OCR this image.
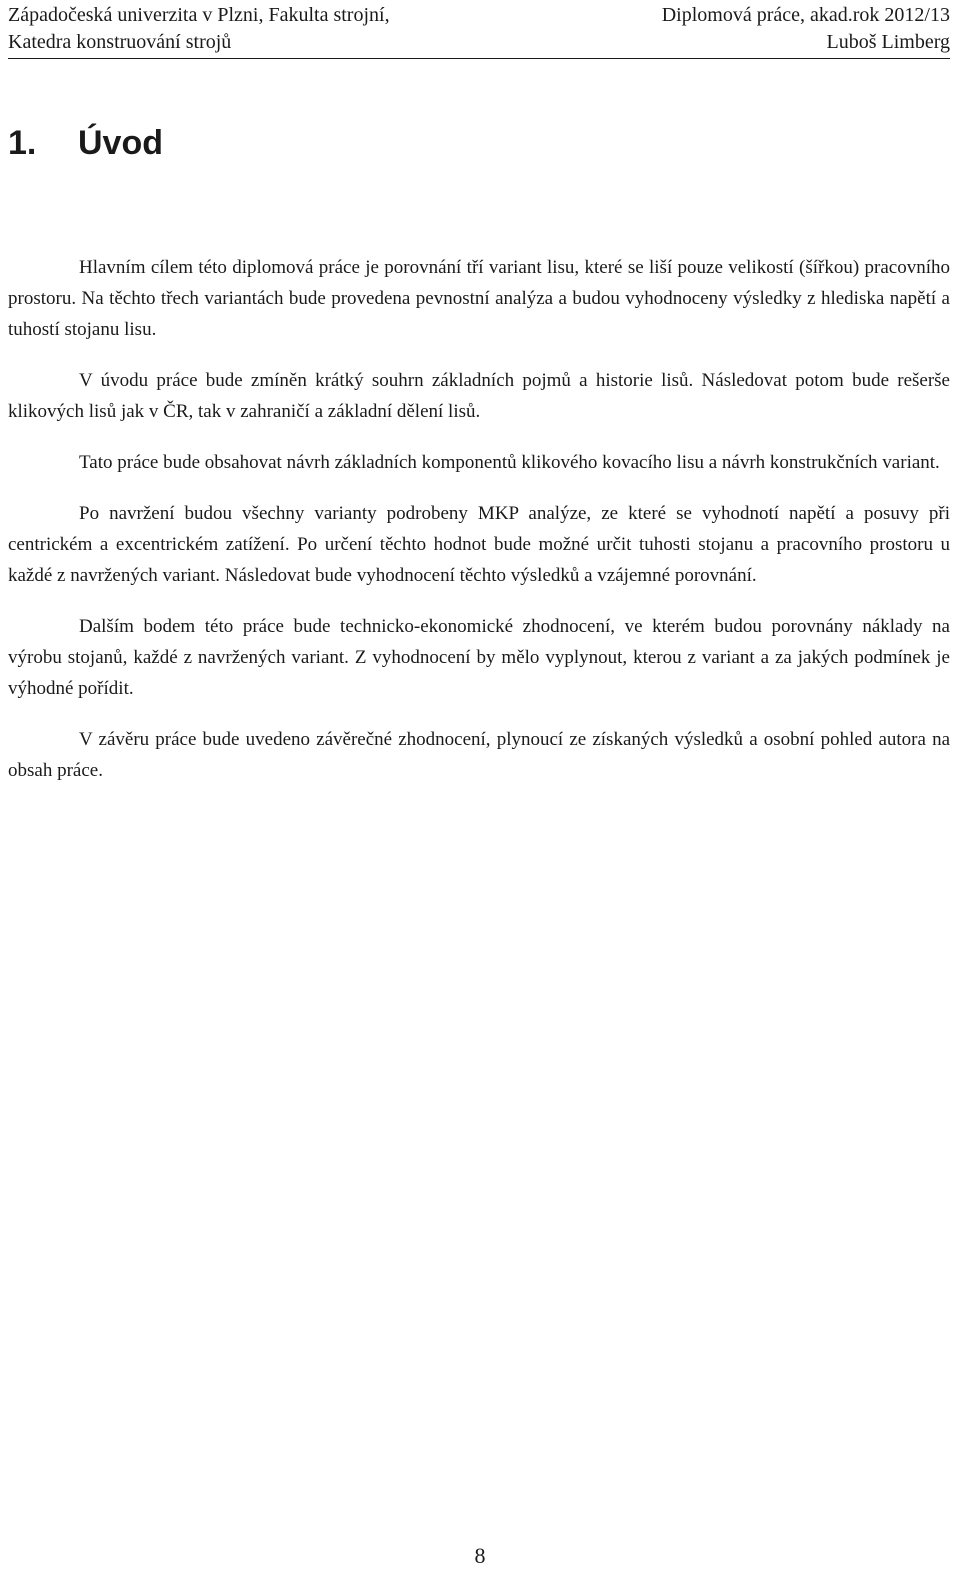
Západočeská univerzita v Plzni, Fakulta strojní,	Diplomová práce, akad.rok 2012/13
Katedra konstruování strojů	Luboš Limberg
1. Úvod

Hlavním cílem této diplomová práce je porovnání tří variant lisu, které se liší pouze velikostí (šířkou) pracovního prostoru. Na těchto třech variantách bude provedena pevnostní analýza a budou vyhodnoceny výsledky z hlediska napětí a tuhostí stojanu lisu.

V úvodu práce bude zmíněn krátký souhrn základních pojmů a historie lisů. Následovat potom bude rešerše klikových lisů jak v ČR, tak v zahraničí a základní dělení lisů.

Tato práce bude obsahovat návrh základních komponentů klikového kovacího lisu a návrh konstrukčních variant.

Po navržení budou všechny varianty podrobeny MKP analýze, ze které se vyhodnotí napětí a posuvy při centrickém a excentrickém zatížení. Po určení těchto hodnot bude možné určit tuhosti stojanu a pracovního prostoru u každé z navržených variant. Následovat bude vyhodnocení těchto výsledků a vzájemné porovnání.

Dalším bodem této práce bude technicko-ekonomické zhodnocení, ve kterém budou porovnány náklady na výrobu stojanů, každé z navržených variant. Z vyhodnocení by mělo vyplynout, kterou z variant a za jakých podmínek je výhodné pořídit.

V závěru práce bude uvedeno závěrečné zhodnocení, plynoucí ze získaných výsledků a osobní pohled autora na obsah práce.

8
